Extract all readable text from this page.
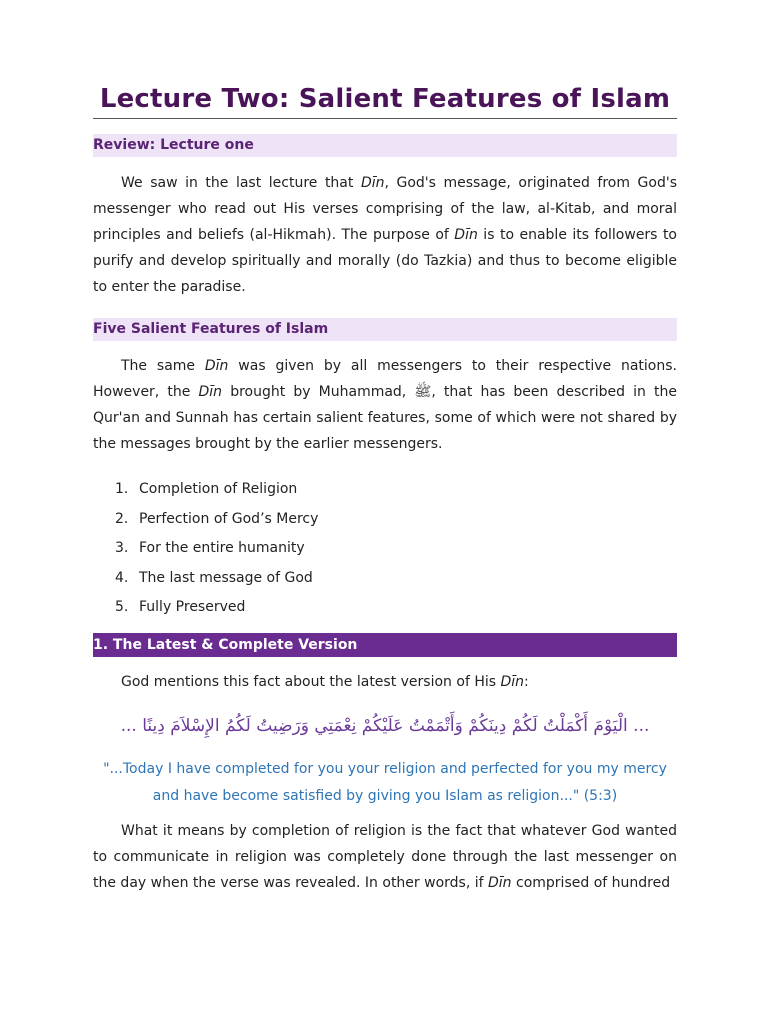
Lecture Two: Salient Features of Islam
Review: Lecture one

We saw in the last lecture that Dīn, God's message, originated from God's messenger who read out His verses comprising of the law, al-Kitab, and moral principles and beliefs (al-Hikmah). The purpose of Dīn is to enable its followers to purify and develop spiritually and morally (do Tazkia) and thus to become eligible to enter the paradise.

Five Salient Features of Islam

The same Dīn was given by all messengers to their respective nations. However, the Dīn brought by Muhammad, ﷺ, that has been described in the Qur'an and Sunnah has certain salient features, some of which were not shared by the messages brought by the earlier messengers.

1. Completion of Religion
2. Perfection of God’s Mercy
3. For the entire humanity
4. The last message of God
5. Fully Preserved
1. The Latest & Complete Version

God mentions this fact about the latest version of His Dīn:

... الْيَوْمَ أَكْمَلْتُ لَكُمْ دِينَكُمْ وَأَتْمَمْتُ عَلَيْكُمْ نِعْمَتِي وَرَضِيتُ لَكُمُ الإِسْلاَمَ دِينًا ...
"...Today I have completed for you your religion and perfected for you my mercy and have become satisfied by giving you Islam as religion..." (5:3)

What it means by completion of religion is the fact that whatever God wanted to communicate in religion was completely done through the last messenger on the day when the verse was revealed. In other words, if Dīn comprised of hundred
